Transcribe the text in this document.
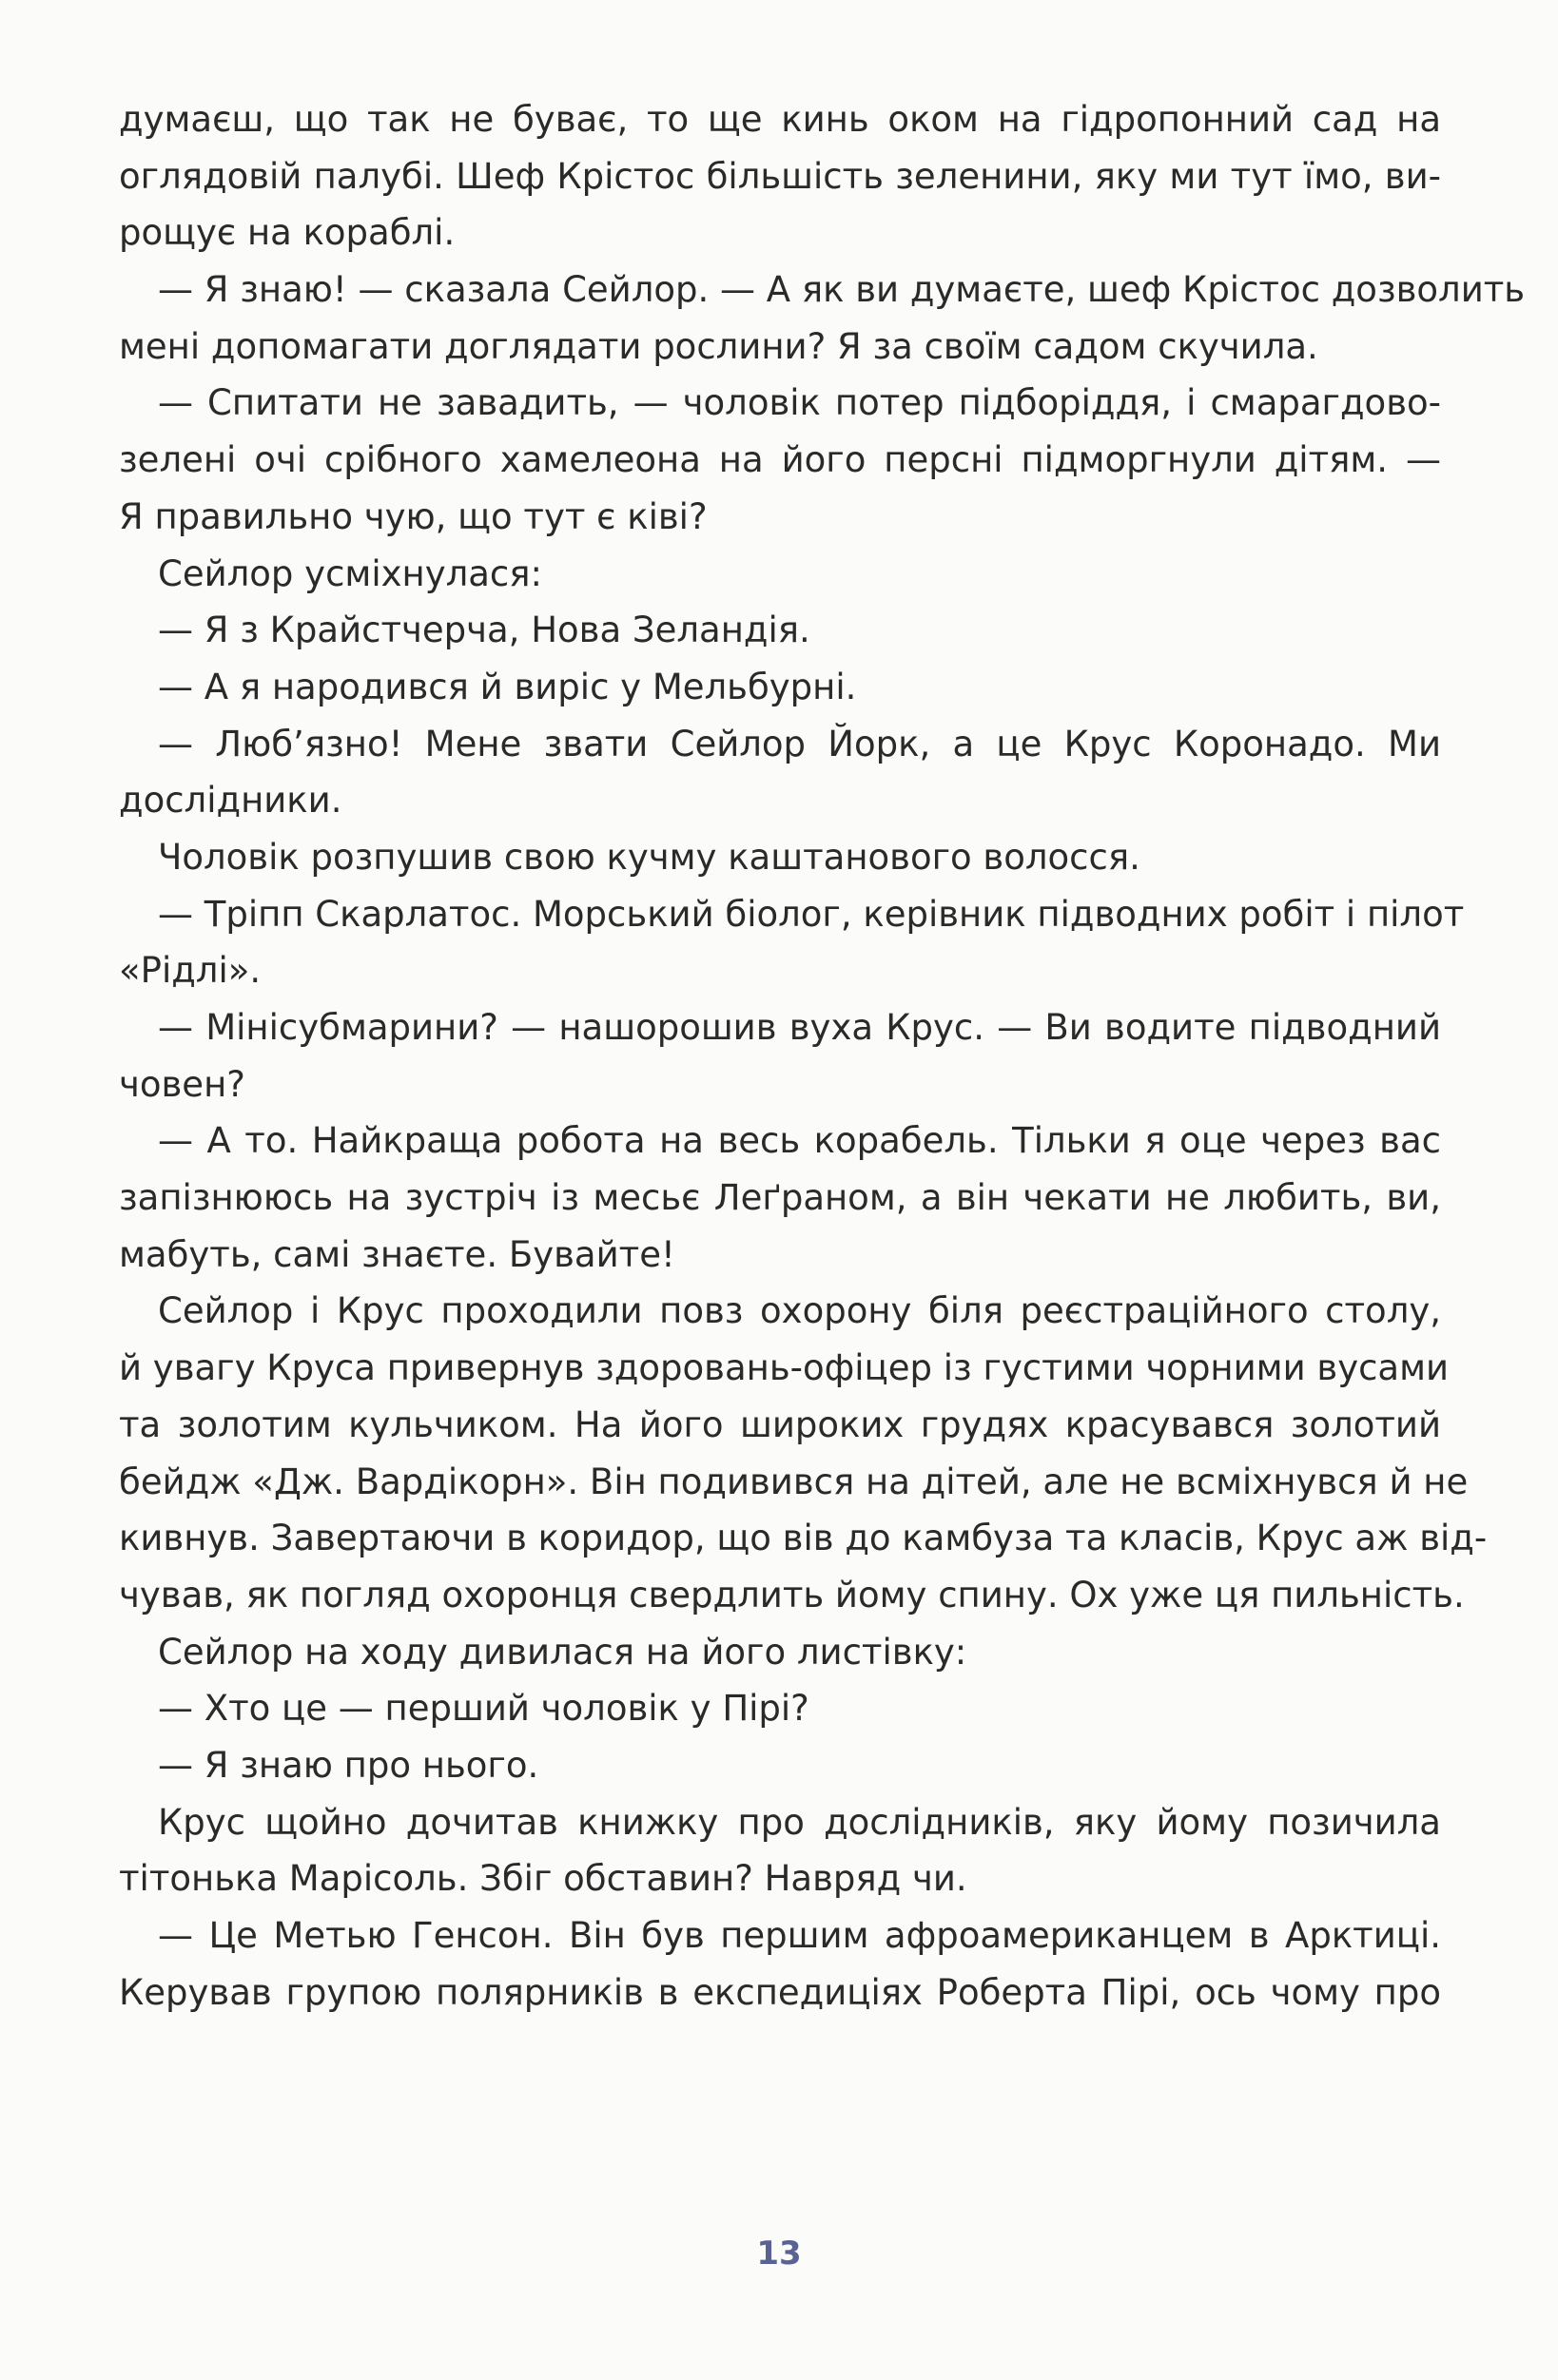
думаєш, що так не буває, то ще кинь оком на гідропонний сад на
оглядовій палубі. Шеф Крістос більшість зеленини, яку ми тут їмо, ви-
рощує на кораблі.
— Я знаю! — сказала Сейлор. — А як ви думаєте, шеф Крістос дозволить
мені допомагати доглядати рослини? Я за своїм садом скучила.
— Спитати не завадить, — чоловік потер підборіддя, і смарагдово-
зелені очі срібного хамелеона на його персні підморгнули дітям. —
Я правильно чую, що тут є ківі?
Сейлор усміхнулася:
— Я з Крайстчерча, Нова Зеландія.
— А я народився й виріс у Мельбурні.
— Люб’язно! Мене звати Сейлор Йорк, а це Крус Коронадо. Ми
дослідники.
Чоловік розпушив свою кучму каштанового волосся.
— Тріпп Скарлатос. Морський біолог, керівник підводних робіт і пілот
«Рідлі».
— Мінісубмарини? — нашорошив вуха Крус. — Ви водите підводний
човен?
— А то. Найкраща робота на весь корабель. Тільки я оце через вас
запізнююсь на зустріч із месьє Леґраном, а він чекати не любить, ви,
мабуть, самі знаєте. Бувайте!
Сейлор і Крус проходили повз охорону біля реєстраційного столу,
й увагу Круса привернув здоровань-офіцер із густими чорними вусами
та золотим кульчиком. На його широких грудях красувався золотий
бейдж «Дж. Вардікорн». Він подивився на дітей, але не всміхнувся й не
кивнув. Завертаючи в коридор, що вів до камбуза та класів, Крус аж від-
чував, як погляд охоронця свердлить йому спину. Ох уже ця пильність.
Сейлор на ходу дивилася на його листівку:
— Хто це — перший чоловік у Пірі?
— Я знаю про нього.
Крус щойно дочитав книжку про дослідників, яку йому позичила
тітонька Марісоль. Збіг обставин? Навряд чи.
— Це Метью Генсон. Він був першим афроамериканцем в Арктиці.
Керував групою полярників в експедиціях Роберта Пірі, ось чому про
13
